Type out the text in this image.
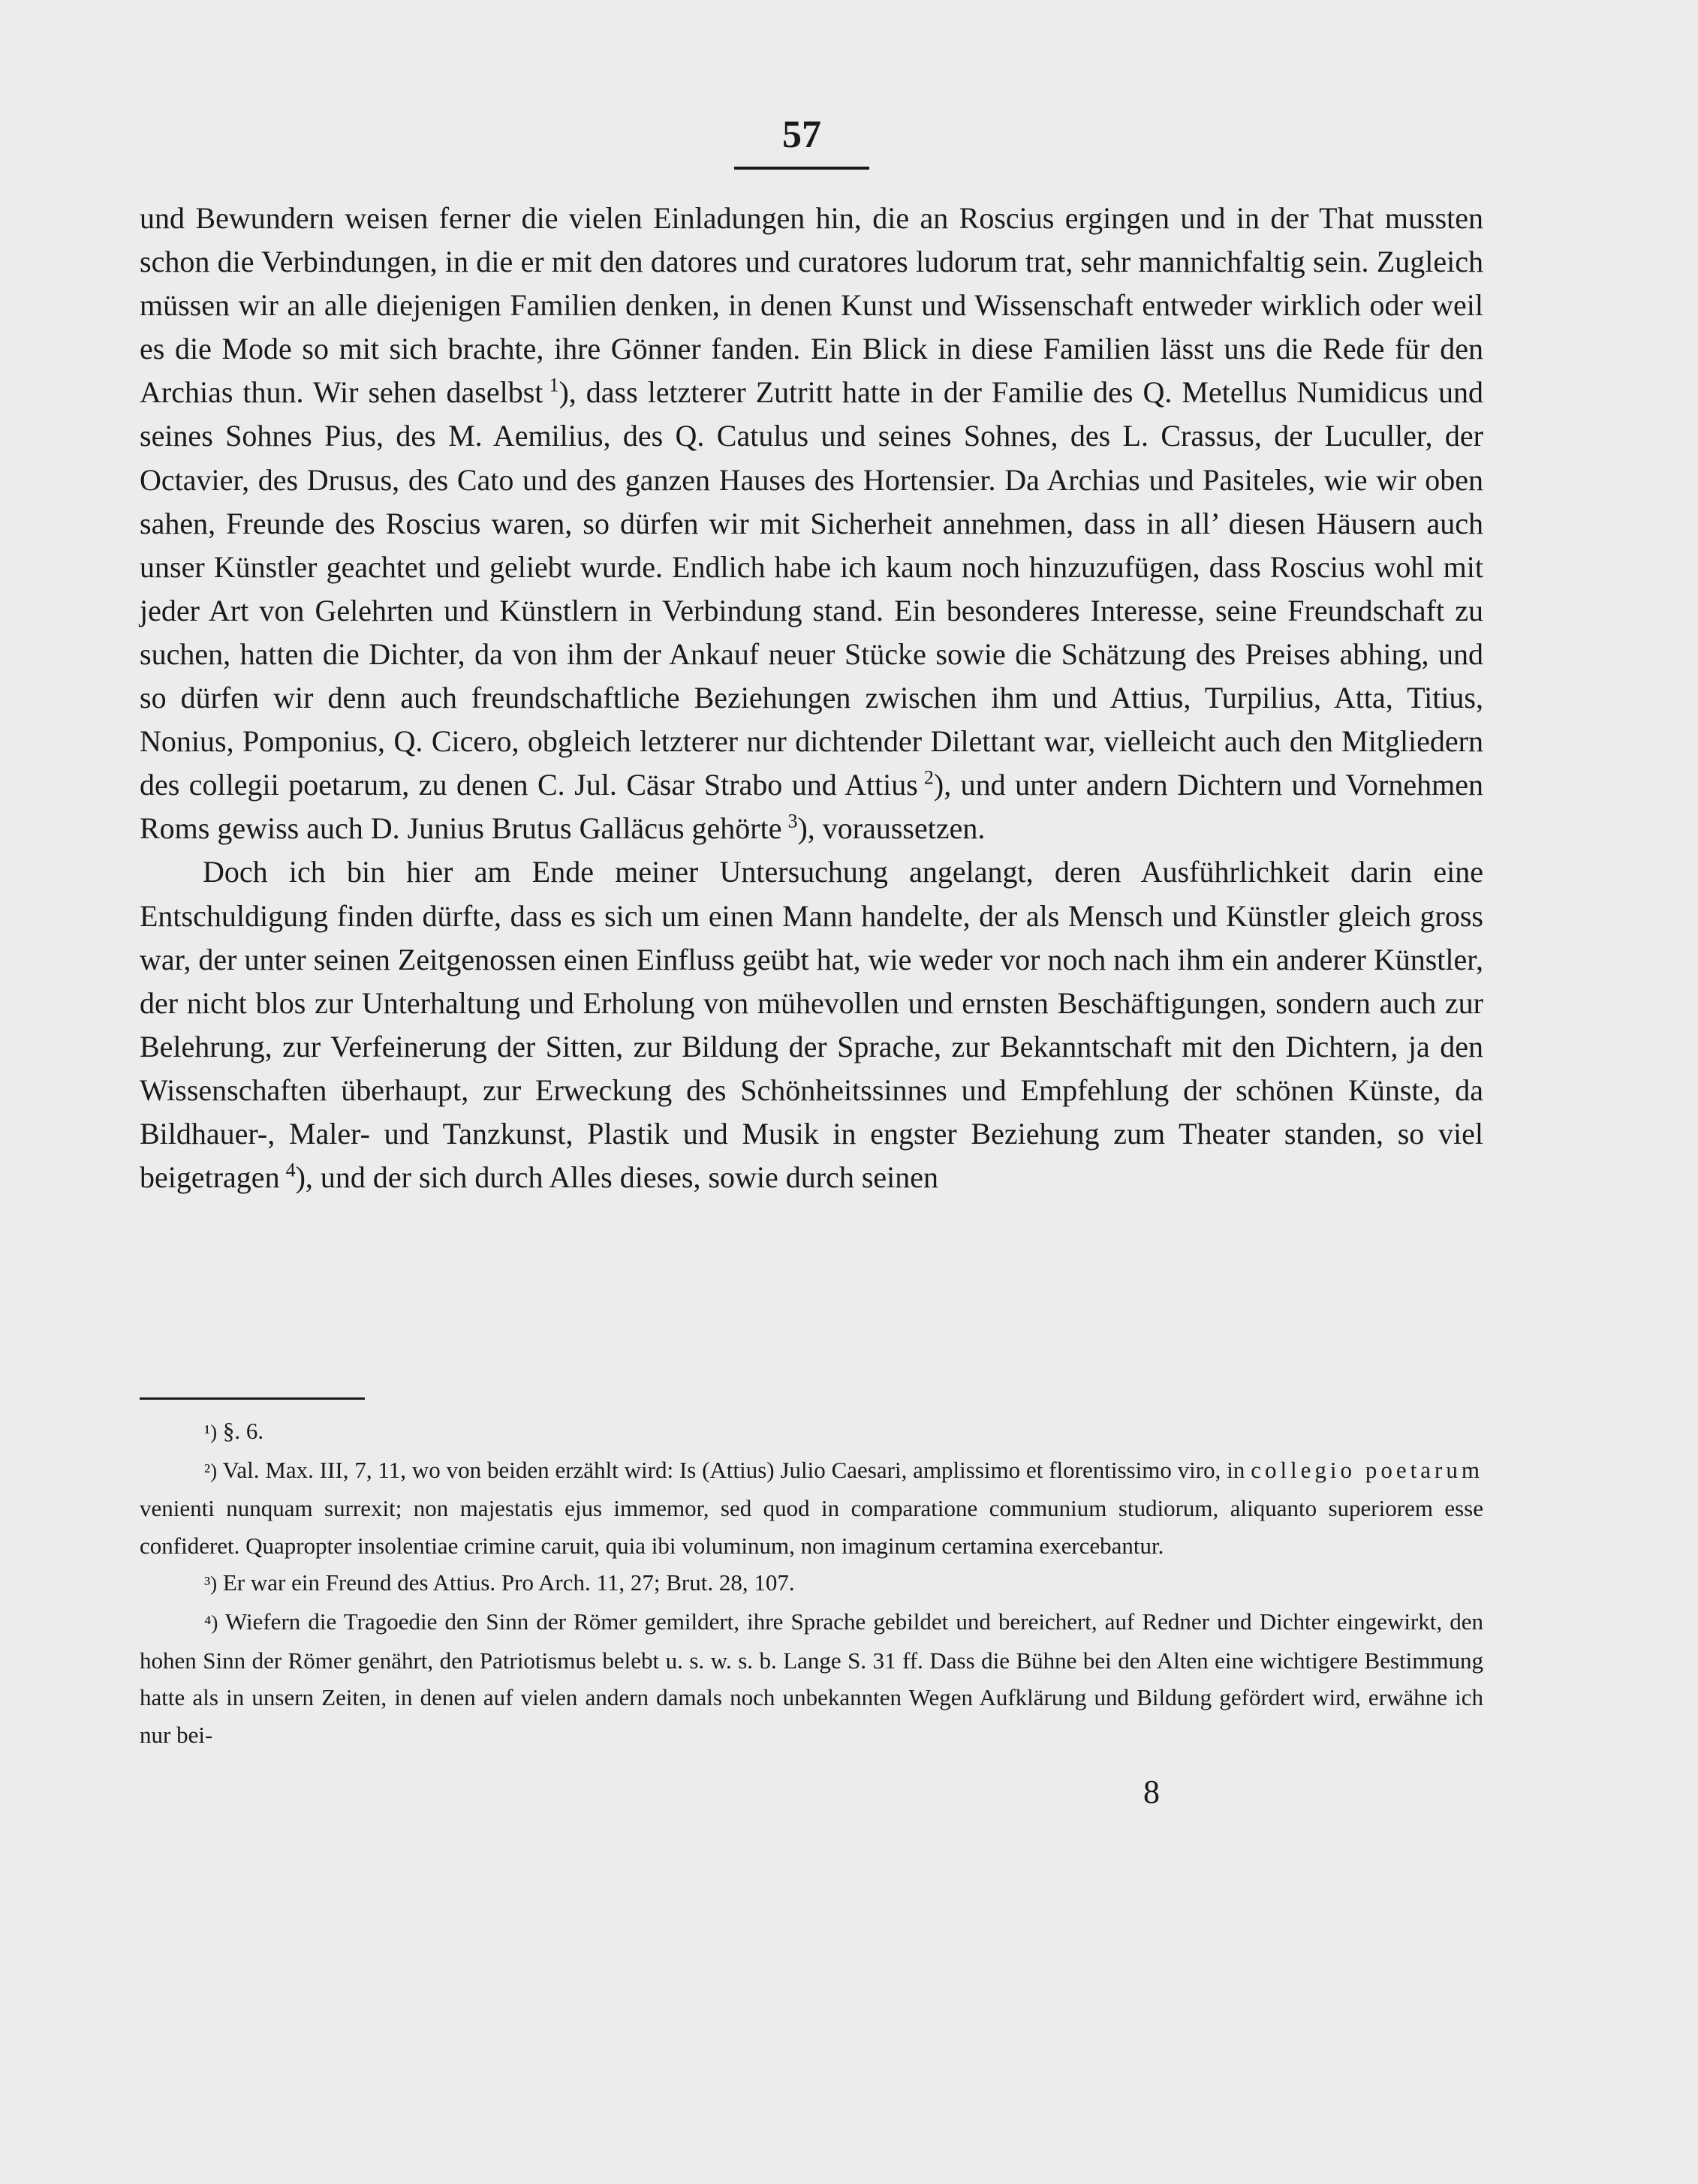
57

und Bewundern weisen ferner die vielen Einladungen hin, die an Roscius ergingen und in der That mussten schon die Verbindungen, in die er mit den datores und curatores ludorum trat, sehr mannichfaltig sein. Zugleich müssen wir an alle diejenigen Familien denken, in denen Kunst und Wissenschaft entweder wirklich oder weil es die Mode so mit sich brachte, ihre Gönner fanden. Ein Blick in diese Familien lässt uns die Rede für den Archias thun. Wir sehen daselbst  $^1$), dass letzterer Zutritt hatte in der Familie des Q. Metellus Numidicus und seines Sohnes Pius, des M. Aemilius, des Q. Catulus und seines Sohnes, des L. Crassus, der Luculler, der Octavier, des Drusus, des Cato und des ganzen Hauses des Hortensier. Da Archias und Pasiteles, wie wir oben sahen, Freunde des Roscius waren, so dürfen wir mit Sicherheit annehmen, dass in all’ diesen Häusern auch unser Künstler geachtet und geliebt wurde. Endlich habe ich kaum noch hinzuzufügen, dass Roscius wohl mit jeder Art von Gelehrten und Künstlern in Verbindung stand. Ein besonderes Interesse, seine Freundschaft zu suchen, hatten die Dichter, da von ihm der Ankauf neuer Stücke sowie die Schätzung des Preises abhing, und so dürfen wir denn auch freundschaftliche Beziehungen zwischen ihm und Attius, Turpilius, Atta, Titius, Nonius, Pomponius, Q. Cicero, obgleich letzterer nur dichtender Dilettant war, vielleicht auch den Mitgliedern des collegii poetarum, zu denen C. Jul. Cäsar Strabo und Attius  $^2$), und unter andern Dichtern und Vornehmen Roms gewiss auch D. Junius Brutus Galläcus gehörte  $^3$), voraussetzen.

Doch ich bin hier am Ende meiner Untersuchung angelangt, deren Ausführlichkeit darin eine Entschuldigung finden dürfte, dass es sich um einen Mann handelte, der als Mensch und Künstler gleich gross war, der unter seinen Zeitgenossen einen Einfluss geübt hat, wie weder vor noch nach ihm ein anderer Künstler, der nicht blos zur Unterhaltung und Erholung von mühevollen und ernsten Beschäftigungen, sondern auch zur Belehrung, zur Verfeinerung der Sitten, zur Bildung der Sprache, zur Bekanntschaft mit den Dichtern, ja den Wissenschaften überhaupt, zur Erweckung des Schönheitssinnes und Empfehlung der schönen Künste, da Bildhauer-, Maler- und Tanzkunst, Plastik und Musik in engster Beziehung zum Theater standen, so viel beigetragen  $^4$), und der sich durch Alles dieses, sowie durch seinen

¹) §. 6.

²) Val. Max. III, 7, 11, wo von beiden erzählt wird: Is (Attius) Julio Caesari, amplissimo et florentissimo viro, in collegio poetarum venienti nunquam surrexit; non majestatis ejus immemor, sed quod in comparatione communium studiorum, aliquanto superiorem esse confideret. Quapropter insolentiae crimine caruit, quia ibi voluminum, non imaginum certamina exercebantur.

³) Er war ein Freund des Attius. Pro Arch. 11, 27; Brut. 28, 107.

⁴) Wiefern die Tragoedie den Sinn der Römer gemildert, ihre Sprache gebildet und bereichert, auf Redner und Dichter eingewirkt, den hohen Sinn der Römer genährt, den Patriotismus belebt u. s. w. s. b. Lange S. 31 ff. Dass die Bühne bei den Alten eine wichtigere Bestimmung hatte als in unsern Zeiten, in denen auf vielen andern damals noch unbekannten Wegen Aufklärung und Bildung gefördert wird, erwähne ich nur bei-

8
